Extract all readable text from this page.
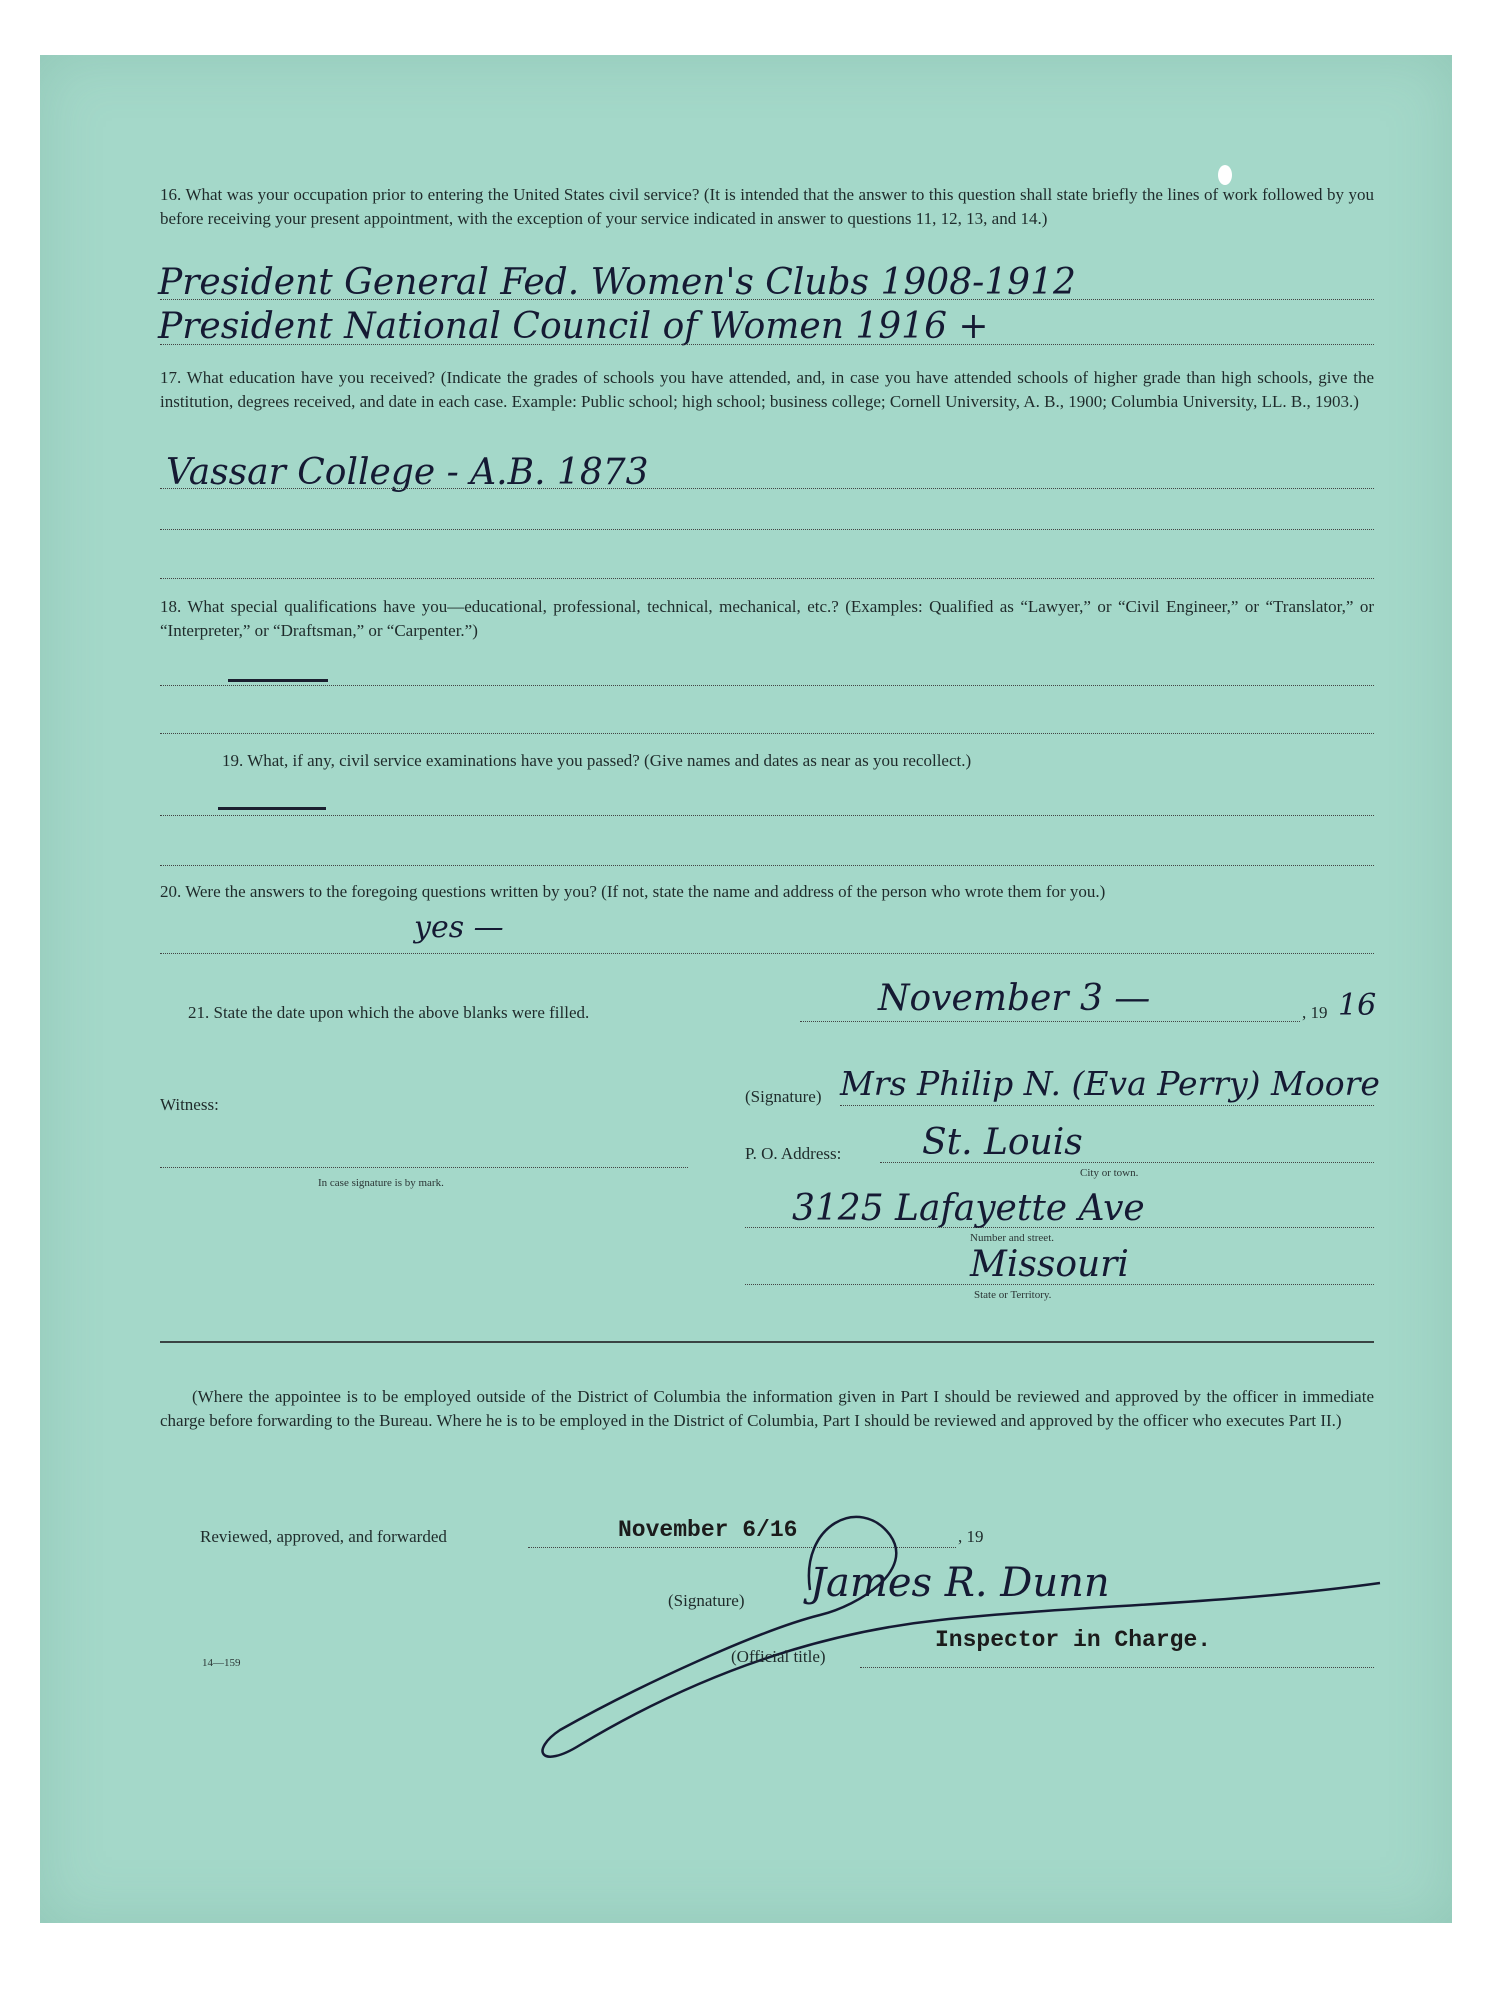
16. What was your occupation prior to entering the United States civil service? (It is intended that the answer to this question shall state briefly the lines of work followed by you before receiving your present appointment, with the exception of your service indicated in answer to questions 11, 12, 13, and 14.)
President General Fed. Women's Clubs 1908-1912
President National Council of Women 1916 +
17. What education have you received? (Indicate the grades of schools you have attended, and, in case you have attended schools of higher grade than high schools, give the institution, degrees received, and date in each case. Example: Public school; high school; business college; Cornell University, A. B., 1900; Columbia University, LL. B., 1903.)
Vassar College - A.B. 1873
18. What special qualifications have you—educational, professional, technical, mechanical, etc.? (Examples: Qualified as “Lawyer,” or “Civil Engineer,” or “Translator,” or “Interpreter,” or “Draftsman,” or “Carpenter.”)
19. What, if any, civil service examinations have you passed? (Give names and dates as near as you recollect.)
20. Were the answers to the foregoing questions written by you? (If not, state the name and address of the person who wrote them for you.)
yes —
21. State the date upon which the above blanks were filled.	November 3 —	, 19 16
Witness:
In case signature is by mark.
(Signature) Mrs Philip N. (Eva Perry) Moore
P. O. Address: St. Louis
City or town.
3125 Lafayette Ave
Number and street.
Missouri
State or Territory.
(Where the appointee is to be employed outside of the District of Columbia the information given in Part I should be reviewed and approved by the officer in immediate charge before forwarding to the Bureau. Where he is to be employed in the District of Columbia, Part I should be reviewed and approved by the officer who executes Part II.)
Reviewed, approved, and forwarded	November 6/16	, 19
(Signature) James R. Dunn
(Official title)
Inspector in Charge.
14—159
